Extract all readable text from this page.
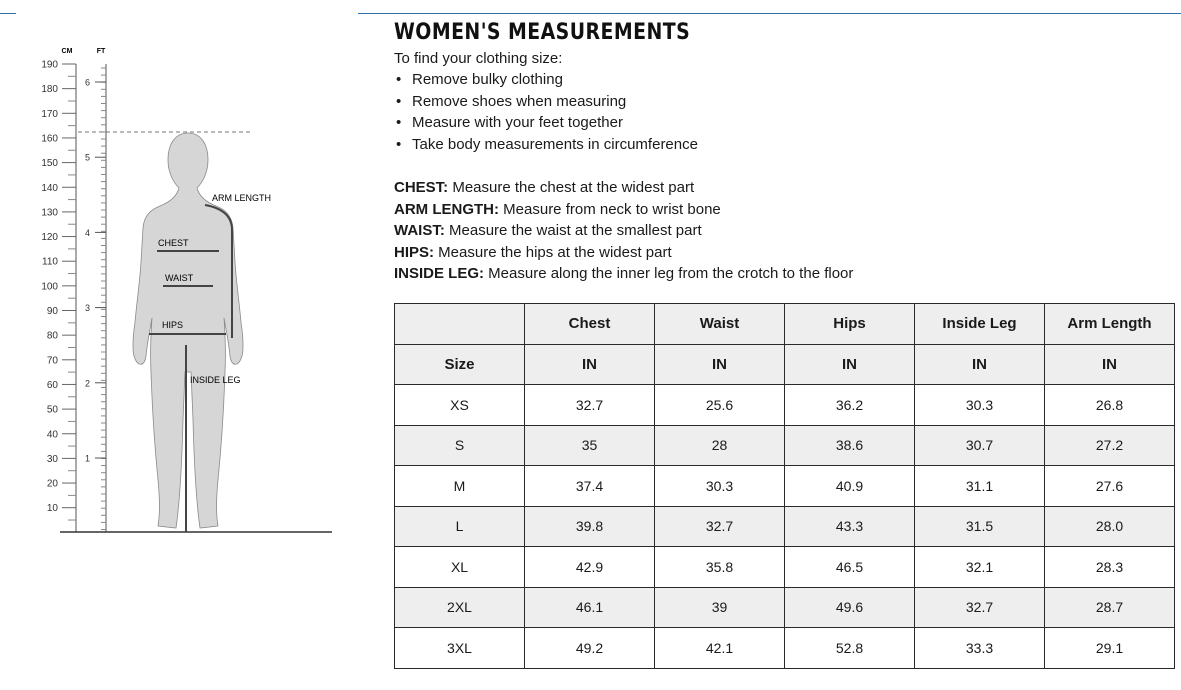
CM	FT
190
180
170
160
150
140
130
120
110
100
90
80
70
60
50
40
30
20
10
6
5
4
3
2
1
ARM LENGTH
CHEST
WAIST
HIPS
INSIDE LEG
WOMEN'S MEASUREMENTS

To find your clothing size:

• Remove bulky clothing
• Remove shoes when measuring
• Measure with your feet together
• Take body measurements in circumference
CHEST: Measure the chest at the widest part
ARM LENGTH: Measure from neck to wrist bone
WAIST: Measure the waist at the smallest part
HIPS: Measure the hips at the widest part
INSIDE LEG: Measure along the inner leg from the crotch to the floor
	Chest	Waist	Hips	Inside Leg	Arm Length
Size	IN	IN	IN	IN	IN
XS	32.7	25.6	36.2	30.3	26.8
S	35	28	38.6	30.7	27.2
M	37.4	30.3	40.9	31.1	27.6
L	39.8	32.7	43.3	31.5	28.0
XL	42.9	35.8	46.5	32.1	28.3
2XL	46.1	39	49.6	32.7	28.7
3XL	49.2	42.1	52.8	33.3	29.1
